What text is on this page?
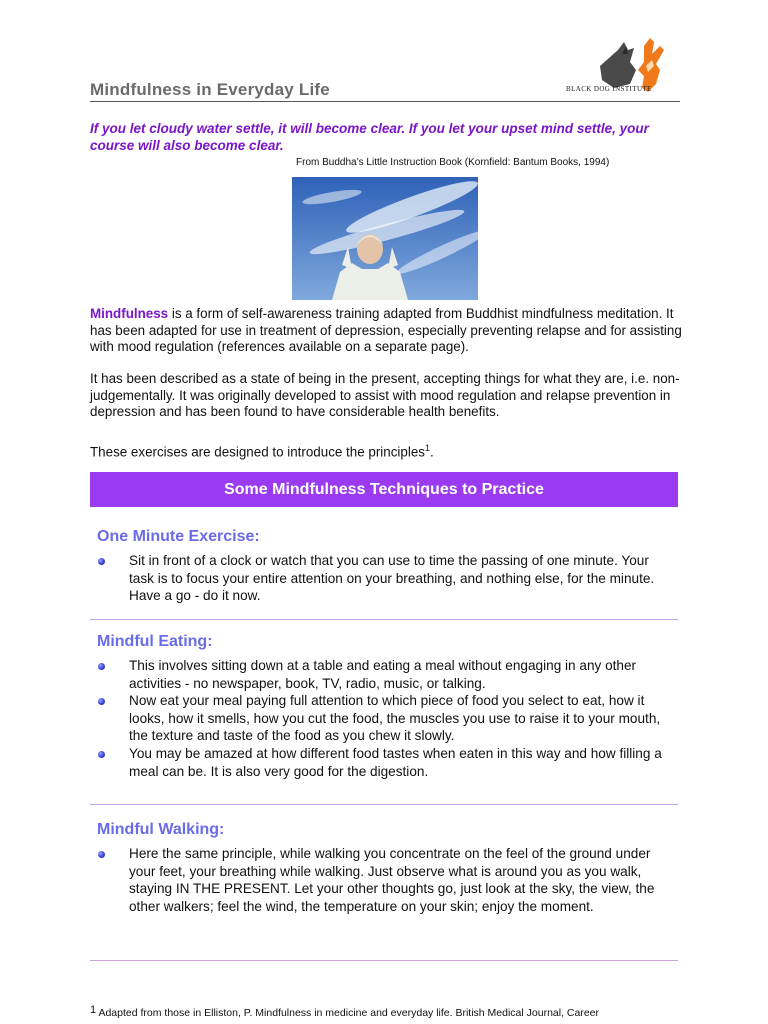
Mindfulness in Everyday Life	BLACK DOG INSTITUTE
If you let cloudy water settle, it will become clear. If you let your upset mind settle, your course will also become clear.
From Buddha’s Little Instruction Book (Kornfield: Bantum Books, 1994)
Mindfulness is a form of self-awareness training adapted from Buddhist mindfulness meditation. It has been adapted for use in treatment of depression, especially preventing relapse and for assisting with mood regulation (references available on a separate page).
It has been described as a state of being in the present, accepting things for what they are, i.e. non-judgementally. It was originally developed to assist with mood regulation and relapse prevention in depression and has been found to have considerable health benefits.
These exercises are designed to introduce the principles$^1$.
Some Mindfulness Techniques to Practice
One Minute Exercise:
Sit in front of a clock or watch that you can use to time the passing of one minute. Your task is to focus your entire attention on your breathing, and nothing else, for the minute. Have a go - do it now.
Mindful Eating:
This involves sitting down at a table and eating a meal without engaging in any other activities - no newspaper, book, TV, radio, music, or talking.
Now eat your meal paying full attention to which piece of food you select to eat, how it looks, how it smells, how you cut the food, the muscles you use to raise it to your mouth, the texture and taste of the food as you chew it slowly.
You may be amazed at how different food tastes when eaten in this way and how filling a meal can be. It is also very good for the digestion.
Mindful Walking:
Here the same principle, while walking you concentrate on the feel of the ground under your feet, your breathing while walking. Just observe what is around you as you walk, staying IN THE PRESENT. Let your other thoughts go, just look at the sky, the view, the other walkers; feel the wind, the temperature on your skin; enjoy the moment.
$^1$ Adapted from those in Elliston, P. Mindfulness in medicine and everyday life. British Medical Journal, Career
